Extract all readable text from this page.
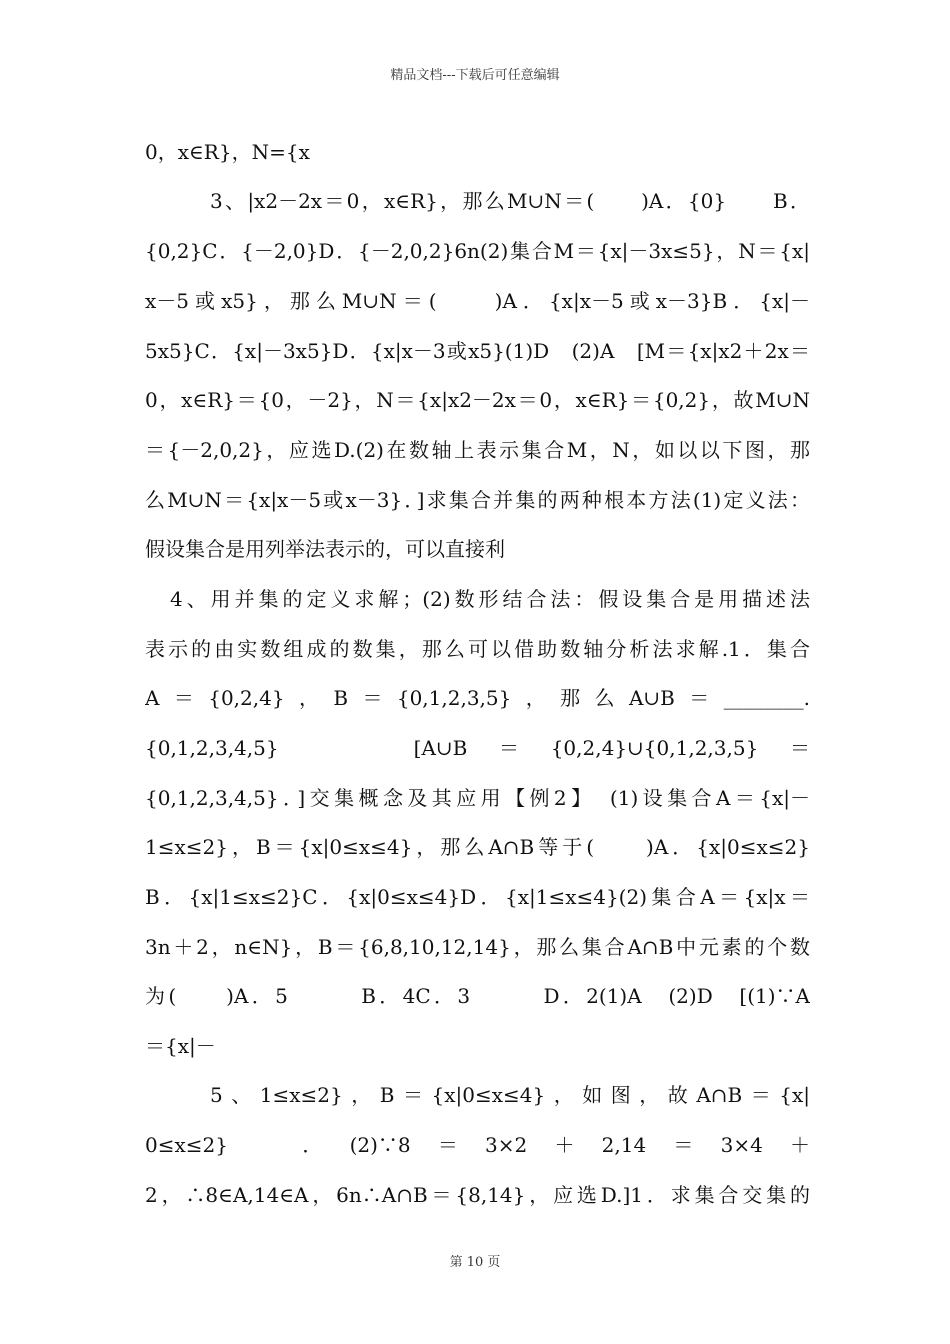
精品文档---下载后可任意编辑
0，x∈R}，N={x
3、|x2－2x＝0，x∈R}，那么M∪N＝(　　)A．{0}　　B．
{0,2}C．{－2,0}D．{－2,0,2}6n(2)集合M＝{x|－3x≤5}，N＝{x|
x－5或x5}，那么M∪N＝(　　)A．{x|x－5或x－3}B．{x|－
5x5}C．{x|－3x5}D．{x|x－3或x5}(1)D　(2)A　[M＝{x|x2＋2x＝
0，x∈R}＝{0，－2}，N＝{x|x2－2x＝0，x∈R}＝{0,2}，故M∪N
＝{－2,0,2}，应选D.(2)在数轴上表示集合M，N，如以以下图，那
么M∪N＝{x|x－5或x－3}．]求集合并集的两种根本方法(1)定义法：
假设集合是用列举法表示的，可以直接利
4、用并集的定义求解；(2)数形结合法：假设集合是用描述法
表示的由实数组成的数集，那么可以借助数轴分析法求解.1．集合
A＝{0,2,4}，B＝{0,1,2,3,5}，那么A∪B＝________.
{0,1,2,3,4,5}　　[A∪B＝{0,2,4}∪{0,1,2,3,5}＝
{0,1,2,3,4,5}．]交集概念及其应用【例2】　(1)设集合A＝{x|－
1≤x≤2}，B＝{x|0≤x≤4}，那么A∩B等于(　　)A．{x|0≤x≤2}
B．{x|1≤x≤2}C．{x|0≤x≤4}D．{x|1≤x≤4}(2)集合A＝{x|x＝
3n＋2，n∈N}，B＝{6,8,10,12,14}，那么集合A∩B中元素的个数
为(　　)A．5　　　B．4C．3　　　D．2(1)A　(2)D　[(1)∵A
＝{x|－
5、1≤x≤2}，B＝{x|0≤x≤4}，如图，故A∩B＝{x|
0≤x≤2}　．(2)∵8＝3×2＋2,14＝3×4＋
2，∴8∈A,14∈A，6n∴A∩B＝{8,14}，应选D.]1．求集合交集的
第 10 页
